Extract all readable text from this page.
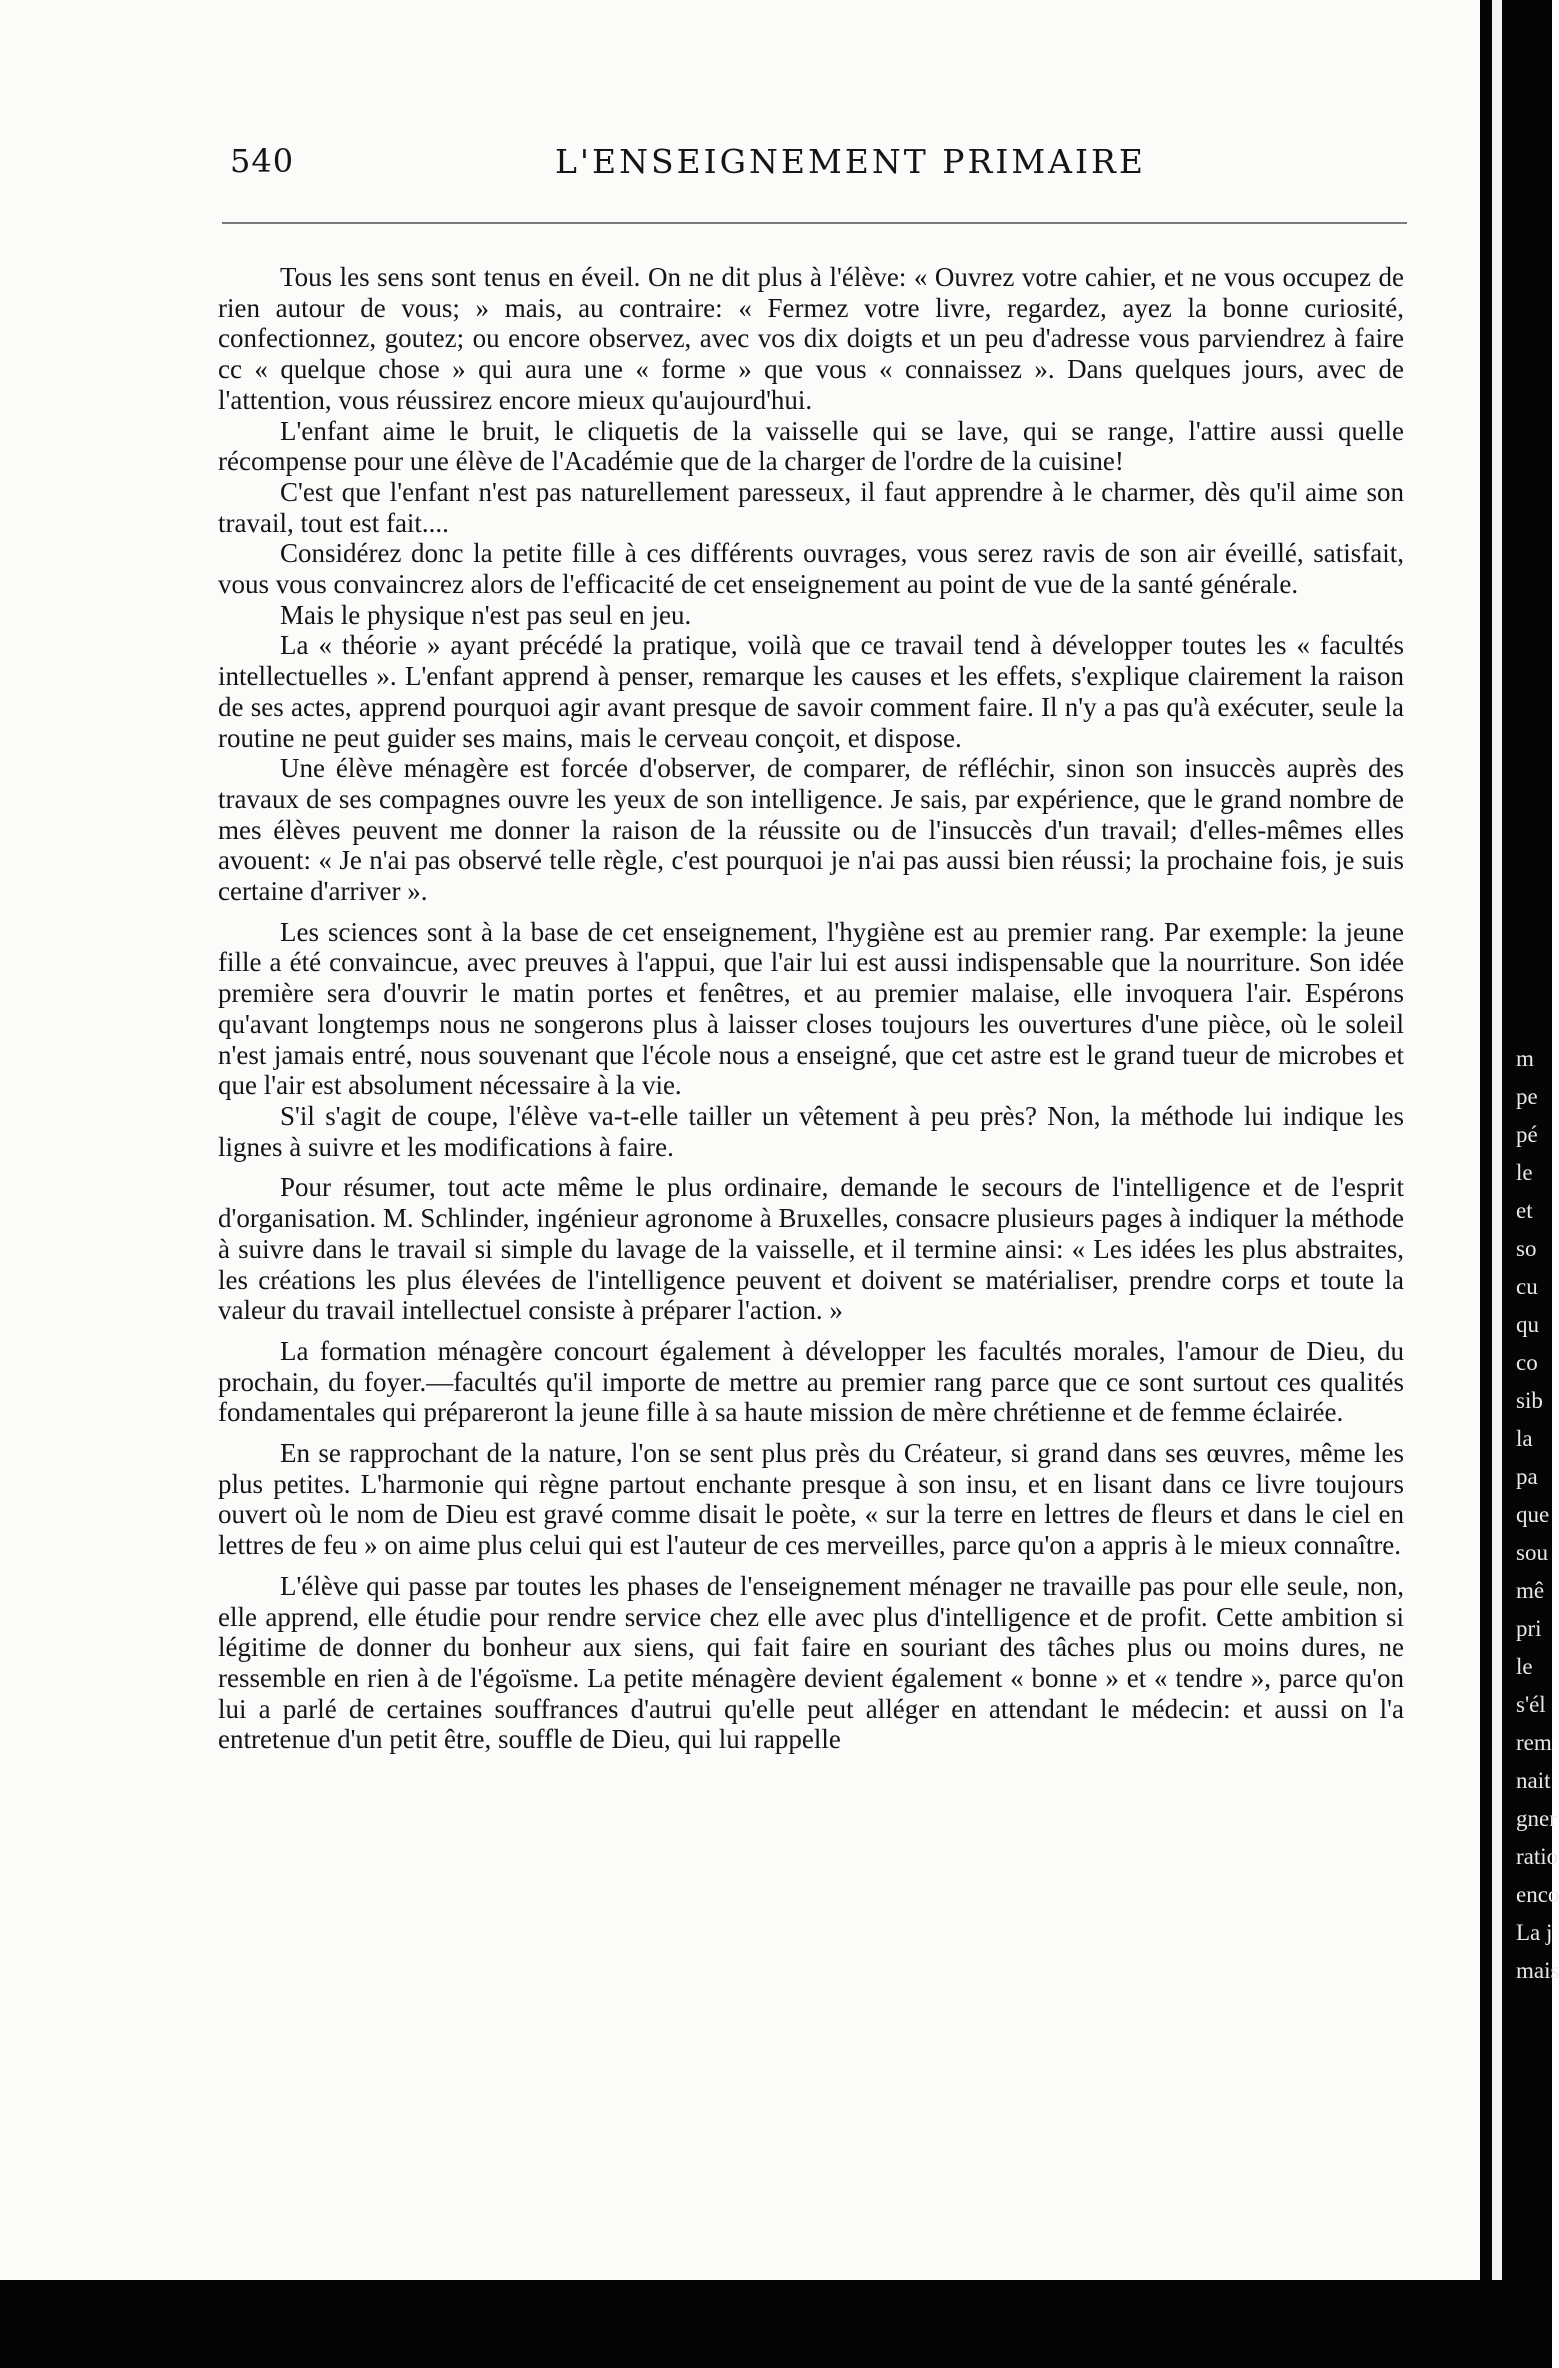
540	L'ENSEIGNEMENT PRIMAIRE

Tous les sens sont tenus en éveil. On ne dit plus à l'élève: « Ouvrez votre cahier, et ne vous occupez de rien autour de vous; » mais, au contraire: « Fermez votre livre, regardez, ayez la bonne curiosité, confectionnez, goutez; ou encore observez, avec vos dix doigts et un peu d'adresse vous parviendrez à faire cc « quelque chose » qui aura une « forme » que vous « connaissez ». Dans quelques jours, avec de l'attention, vous réussirez encore mieux qu'aujourd'hui.

L'enfant aime le bruit, le cliquetis de la vaisselle qui se lave, qui se range, l'attire aussi quelle récompense pour une élève de l'Académie que de la charger de l'ordre de la cuisine!

C'est que l'enfant n'est pas naturellement paresseux, il faut apprendre à le charmer, dès qu'il aime son travail, tout est fait....

Considérez donc la petite fille à ces différents ouvrages, vous serez ravis de son air éveillé, satisfait, vous vous convaincrez alors de l'efficacité de cet enseignement au point de vue de la santé générale.

Mais le physique n'est pas seul en jeu.

La « théorie » ayant précédé la pratique, voilà que ce travail tend à développer toutes les « facultés intellectuelles ». L'enfant apprend à penser, remarque les causes et les effets, s'explique clairement la raison de ses actes, apprend pourquoi agir avant presque de savoir comment faire. Il n'y a pas qu'à exécuter, seule la routine ne peut guider ses mains, mais le cerveau conçoit, et dispose.

Une élève ménagère est forcée d'observer, de comparer, de réfléchir, sinon son insuccès auprès des travaux de ses compagnes ouvre les yeux de son intelligence. Je sais, par expérience, que le grand nombre de mes élèves peuvent me donner la raison de la réussite ou de l'insuccès d'un travail; d'elles-mêmes elles avouent: « Je n'ai pas observé telle règle, c'est pourquoi je n'ai pas aussi bien réussi; la prochaine fois, je suis certaine d'arriver ».

Les sciences sont à la base de cet enseignement, l'hygiène est au premier rang. Par exemple: la jeune fille a été convaincue, avec preuves à l'appui, que l'air lui est aussi indispensable que la nourriture. Son idée première sera d'ouvrir le matin portes et fenêtres, et au premier malaise, elle invoquera l'air. Espérons qu'avant longtemps nous ne songerons plus à laisser closes toujours les ouvertures d'une pièce, où le soleil n'est jamais entré, nous souvenant que l'école nous a enseigné, que cet astre est le grand tueur de microbes et que l'air est absolument nécessaire à la vie.

S'il s'agit de coupe, l'élève va-t-elle tailler un vêtement à peu près? Non, la méthode lui indique les lignes à suivre et les modifications à faire.

Pour résumer, tout acte même le plus ordinaire, demande le secours de l'intelligence et de l'esprit d'organisation. M. Schlinder, ingénieur agronome à Bruxelles, consacre plusieurs pages à indiquer la méthode à suivre dans le travail si simple du lavage de la vaisselle, et il termine ainsi: « Les idées les plus abstraites, les créations les plus élevées de l'intelligence peuvent et doivent se matérialiser, prendre corps et toute la valeur du travail intellectuel consiste à préparer l'action. »

La formation ménagère concourt également à développer les facultés morales, l'amour de Dieu, du prochain, du foyer.—facultés qu'il importe de mettre au premier rang parce que ce sont surtout ces qualités fondamentales qui prépareront la jeune fille à sa haute mission de mère chrétienne et de femme éclairée.

En se rapprochant de la nature, l'on se sent plus près du Créateur, si grand dans ses œuvres, même les plus petites. L'harmonie qui règne partout enchante presque à son insu, et en lisant dans ce livre toujours ouvert où le nom de Dieu est gravé comme disait le poète, « sur la terre en lettres de fleurs et dans le ciel en lettres de feu » on aime plus celui qui est l'auteur de ces merveilles, parce qu'on a appris à le mieux connaître.

L'élève qui passe par toutes les phases de l'enseignement ménager ne travaille pas pour elle seule, non, elle apprend, elle étudie pour rendre service chez elle avec plus d'intelligence et de profit. Cette ambition si légitime de donner du bonheur aux siens, qui fait faire en souriant des tâches plus ou moins dures, ne ressemble en rien à de l'égoïsme. La petite ménagère devient également « bonne » et « tendre », parce qu'on lui a parlé de certaines souffrances d'autrui qu'elle peut alléger en attendant le médecin: et aussi on l'a entretenue d'un petit être, souffle de Dieu, qui lui rappelle

m
pe
pé
le
et
so
cu
qu
co
sib
la
pa
que
sou
mê
pri
le
s'él
rem
nait
gner
ratio
enco
La j
mais
